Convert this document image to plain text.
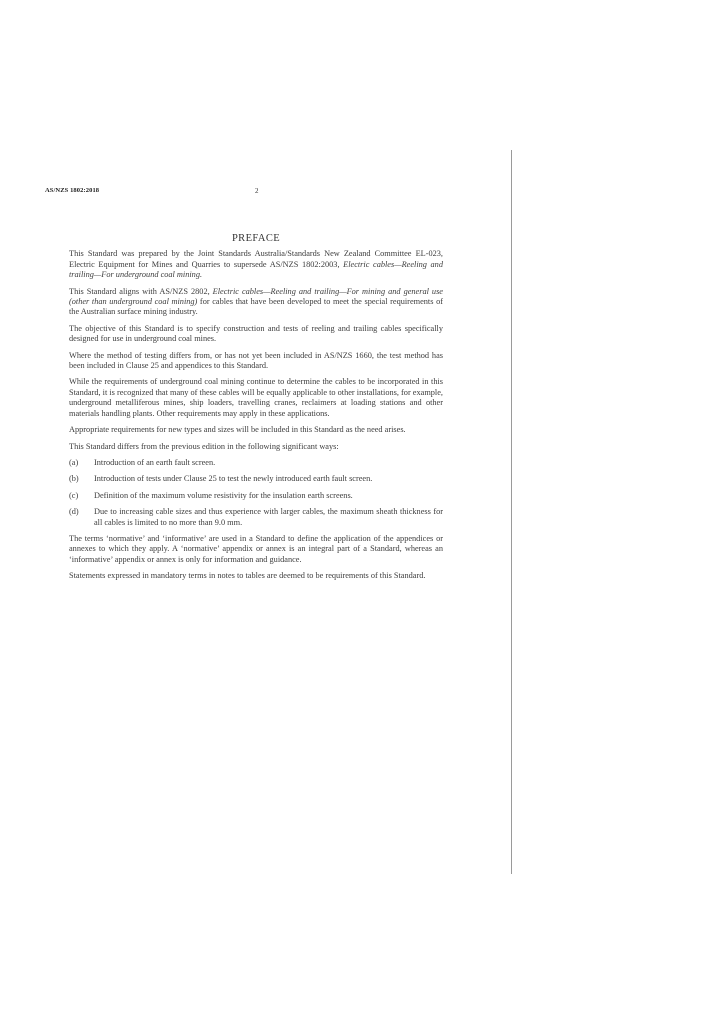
AS/NZS 1802:2018	2
PREFACE

This Standard was prepared by the Joint Standards Australia/Standards New Zealand Committee EL-023, Electric Equipment for Mines and Quarries to supersede AS/NZS 1802:2003, Electric cables—Reeling and trailing—For underground coal mining.

This Standard aligns with AS/NZS 2802, Electric cables—Reeling and trailing—For mining and general use (other than underground coal mining) for cables that have been developed to meet the special requirements of the Australian surface mining industry.

The objective of this Standard is to specify construction and tests of reeling and trailing cables specifically designed for use in underground coal mines.

Where the method of testing differs from, or has not yet been included in AS/NZS 1660, the test method has been included in Clause 25 and appendices to this Standard.

While the requirements of underground coal mining continue to determine the cables to be incorporated in this Standard, it is recognized that many of these cables will be equally applicable to other installations, for example, underground metalliferous mines, ship loaders, travelling cranes, reclaimers at loading stations and other materials handling plants. Other requirements may apply in these applications.

Appropriate requirements for new types and sizes will be included in this Standard as the need arises.

This Standard differs from the previous edition in the following significant ways:

(a)	Introduction of an earth fault screen.
(b)	Introduction of tests under Clause 25 to test the newly introduced earth fault screen.
(c)	Definition of the maximum volume resistivity for the insulation earth screens.
(d)	Due to increasing cable sizes and thus experience with larger cables, the maximum sheath thickness for all cables is limited to no more than 9.0 mm.

The terms ‘normative’ and ‘informative’ are used in a Standard to define the application of the appendices or annexes to which they apply. A ‘normative’ appendix or annex is an integral part of a Standard, whereas an ‘informative’ appendix or annex is only for information and guidance.

Statements expressed in mandatory terms in notes to tables are deemed to be requirements of this Standard.
